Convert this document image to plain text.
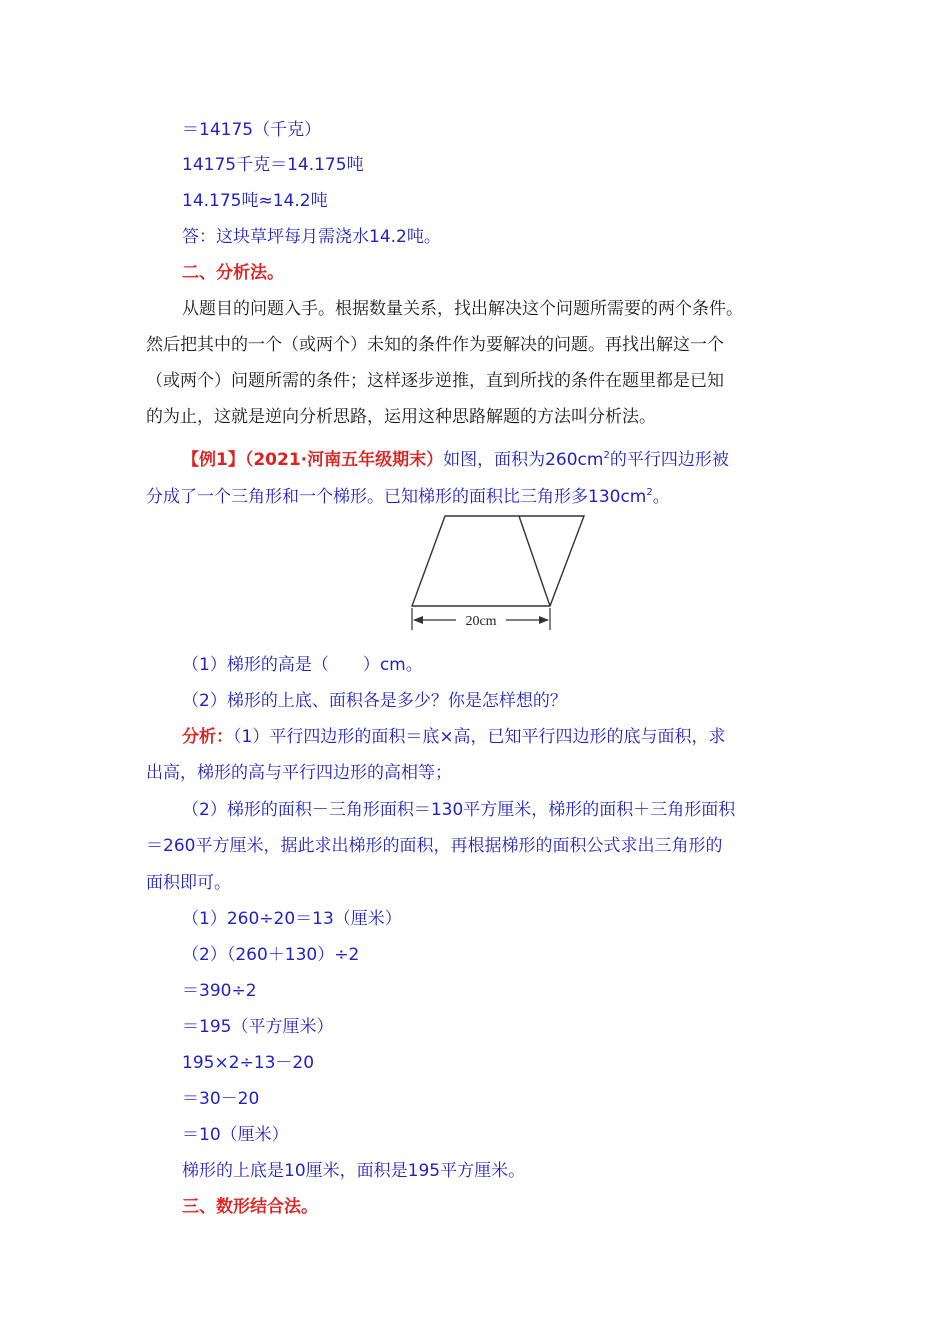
＝14175（千克）
14175千克＝14.175吨
14.175吨≈14.2吨
答：这块草坪每月需浇水14.2吨。
二、分析法。
从题目的问题入手。根据数量关系，找出解决这个问题所需要的两个条件。
然后把其中的一个（或两个）未知的条件作为要解决的问题。再找出解这一个
（或两个）问题所需的条件；这样逐步逆推，直到所找的条件在题里都是已知
的为止，这就是逆向分析思路，运用这种思路解题的方法叫分析法。
【例1】（2021·河南五年级期末）如图，面积为$260cm^2$的平行四边形被
分成了一个三角形和一个梯形。已知梯形的面积比三角形多$130cm^2$。
20cm
（1）梯形的高是（　　）cm。
（2）梯形的上底、面积各是多少？你是怎样想的？
分析：（1）平行四边形的面积＝底×高，已知平行四边形的底与面积，求
出高，梯形的高与平行四边形的高相等；
（2）梯形的面积－三角形面积＝130平方厘米，梯形的面积＋三角形面积
＝260平方厘米，据此求出梯形的面积，再根据梯形的面积公式求出三角形的
面积即可。
（1）260÷20＝13（厘米）
（2）（260＋130）÷2
＝390÷2
＝195（平方厘米）
195×2÷13－20
＝30－20
＝10（厘米）
梯形的上底是10厘米，面积是195平方厘米。
三、数形结合法。
